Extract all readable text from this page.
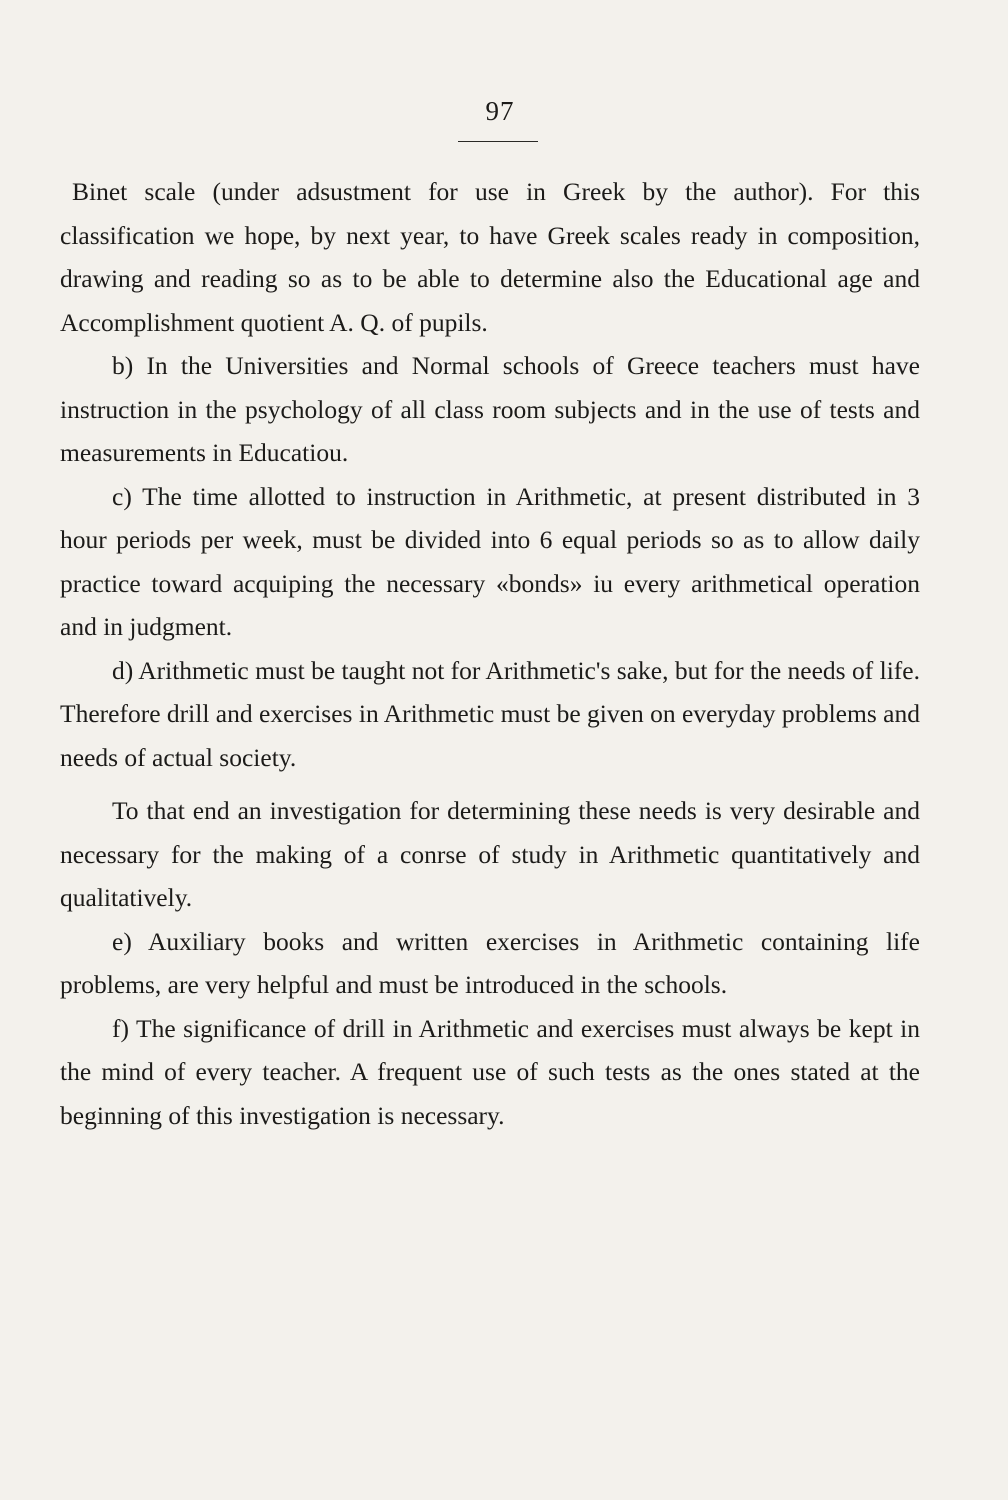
97

Binet scale (under adsustment for use in Greek by the author). For this classification we hope, by next year, to have Greek scales ready in composition, drawing and reading so as to be able to determine also the Educational age and Accomplishment quotient A. Q. of pupils.

b) In the Universities and Normal schools of Greece teachers must have instruction in the psychology of all class room subjects and in the use of tests and measurements in Educatiou.

c) The time allotted to instruction in Arithmetic, at present distributed in 3 hour periods per week, must be divided into 6 equal periods so as to allow daily practice toward acquiping the necessary «bonds» iu every arithmetical operation and in judgment.

d) Arithmetic must be taught not for Arithmetic's sake, but for the needs of life. Therefore drill and exercises in Arithmetic must be given on everyday problems and needs of actual society.

To that end an investigation for determining these needs is very desirable and necessary for the making of a conrse of study in Arithmetic quantitatively and qualitatively.

e) Auxiliary books and written exercises in Arithmetic containing life problems, are very helpful and must be introduced in the schools.

f) The significance of drill in Arithmetic and exercises must always be kept in the mind of every teacher. A frequent use of such tests as the ones stated at the beginning of this investigation is necessary.
